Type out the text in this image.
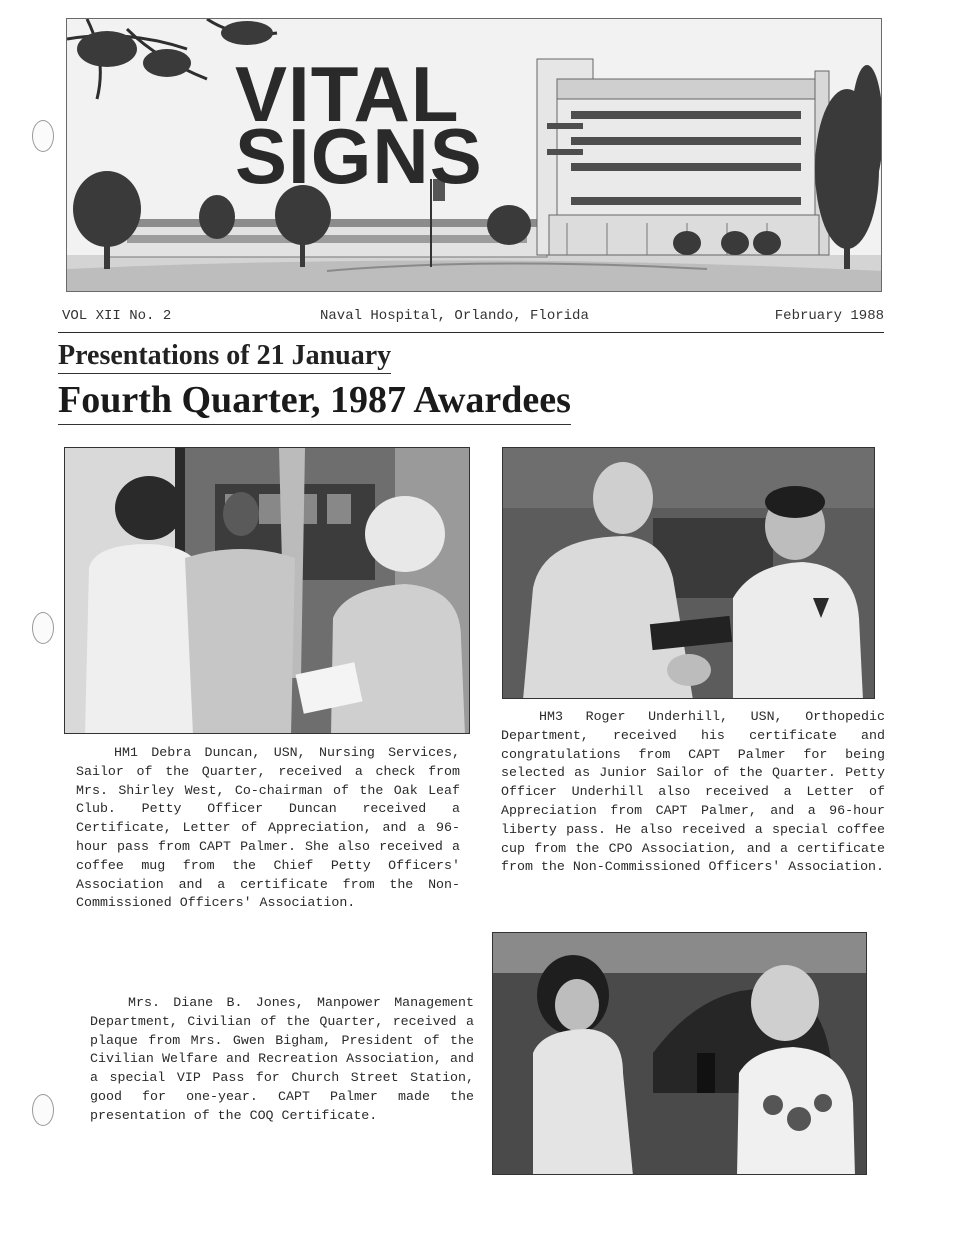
VITAL
SIGNS
VOL XII No. 2	Naval Hospital, Orlando, Florida	February 1988
Presentations of 21 January
Fourth Quarter, 1987 Awardees

HM1 Debra Duncan, USN, Nursing Services, Sailor of the Quarter, received a check from Mrs. Shirley West, Co-chairman of the Oak Leaf Club. Petty Officer Duncan received a Certificate, Letter of Appreciation, and a 96-hour pass from CAPT Palmer. She also received a coffee mug from the Chief Petty Officers' Association and a certificate from the Non-Commissioned Officers' Association.

HM3 Roger Underhill, USN, Orthopedic Department, received his certificate and congratulations from CAPT Palmer for being selected as Junior Sailor of the Quarter. Petty Officer Underhill also received a Letter of Appreciation from CAPT Palmer, and a 96-hour liberty pass. He also received a special coffee cup from the CPO Association, and a certificate from the Non-Commissioned Officers' Association.

Mrs. Diane B. Jones, Manpower Management Department, Civilian of the Quarter, received a plaque from Mrs. Gwen Bigham, President of the Civilian Welfare and Recreation Association, and a special VIP Pass for Church Street Station, good for one-year. CAPT Palmer made the presentation of the COQ Certificate.
